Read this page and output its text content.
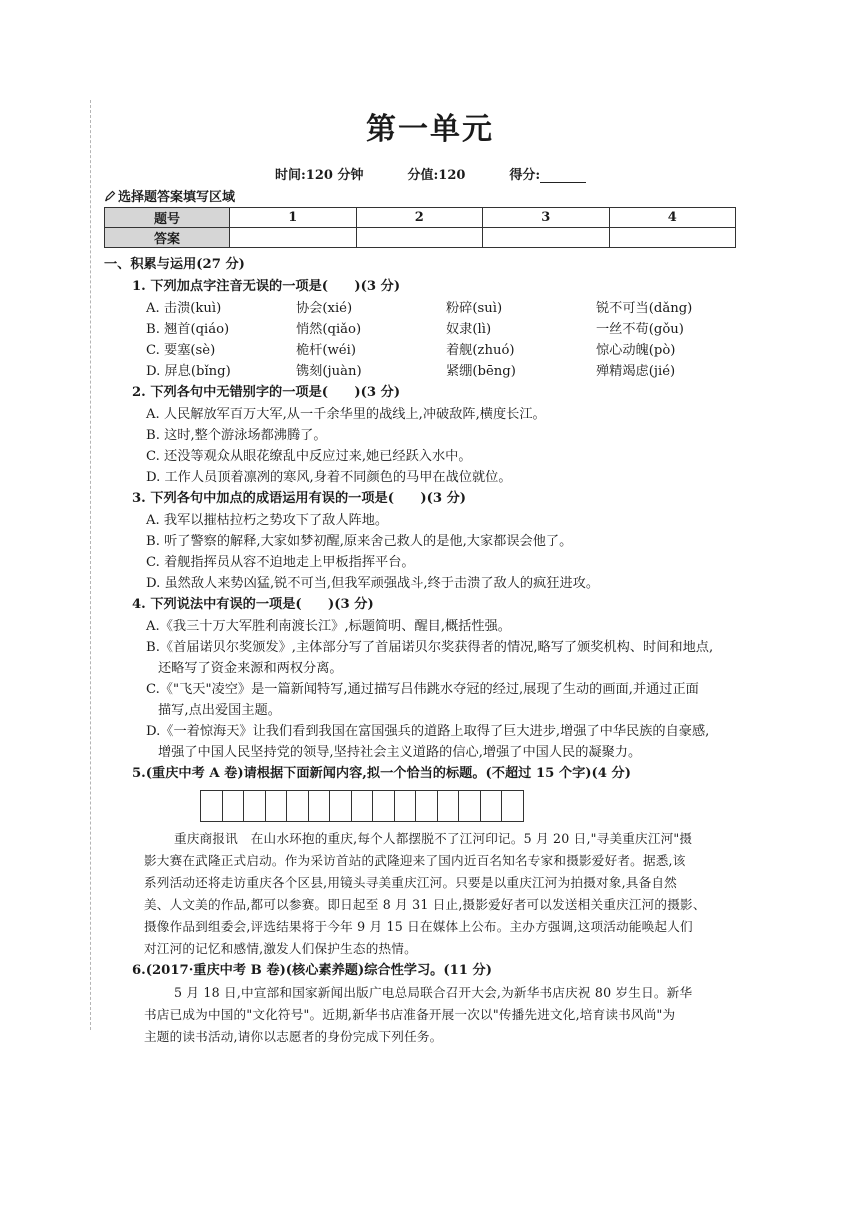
第一单元
时间:120 分钟	分值:120	得分:
选择题答案填写区域
题号	1	2	3	4
答案				
一、积累与运用(27 分)
1. 下列加点字注音无误的一项是(　　)(3 分)
A. 击溃(kuì)	协会(xié)	粉碎(suì)	锐不可当(dǎng)
B. 翘首(qiáo)	悄然(qiǎo)	奴隶(lì)	一丝不苟(gǒu)
C. 要塞(sè)	桅杆(wéi)	着舰(zhuó)	惊心动魄(pò)
D. 屏息(bǐng)	镌刻(juàn)	紧绷(bēng)	殚精竭虑(jié)
2. 下列各句中无错别字的一项是(　　)(3 分)
A. 人民解放军百万大军,从一千余华里的战线上,冲破敌阵,横度长江。
B. 这时,整个游泳场都沸腾了。
C. 还没等观众从眼花缭乱中反应过来,她已经跃入水中。
D. 工作人员顶着凛冽的寒风,身着不同颜色的马甲在战位就位。
3. 下列各句中加点的成语运用有误的一项是(　　)(3 分)
A. 我军以摧枯拉朽之势攻下了敌人阵地。
B. 听了警察的解释,大家如梦初醒,原来舍己救人的是他,大家都误会他了。
C. 着舰指挥员从容不迫地走上甲板指挥平台。
D. 虽然敌人来势凶猛,锐不可当,但我军顽强战斗,终于击溃了敌人的疯狂进攻。
4. 下列说法中有误的一项是(　　)(3 分)
A.《我三十万大军胜利南渡长江》,标题简明、醒目,概括性强。
B.《首届诺贝尔奖颁发》,主体部分写了首届诺贝尔奖获得者的情况,略写了颁奖机构、时间和地点,
还略写了资金来源和两权分离。
C.《"飞天"凌空》是一篇新闻特写,通过描写吕伟跳水夺冠的经过,展现了生动的画面,并通过正面
描写,点出爱国主题。
D.《一着惊海天》让我们看到我国在富国强兵的道路上取得了巨大进步,增强了中华民族的自豪感,
增强了中国人民坚持党的领导,坚持社会主义道路的信心,增强了中国人民的凝聚力。
5.(重庆中考 A 卷)请根据下面新闻内容,拟一个恰当的标题。(不超过 15 个字)(4 分)
重庆商报讯　在山水环抱的重庆,每个人都摆脱不了江河印记。5 月 20 日,"寻美重庆江河"摄
影大赛在武隆正式启动。作为采访首站的武隆迎来了国内近百名知名专家和摄影爱好者。据悉,该
系列活动还将走访重庆各个区县,用镜头寻美重庆江河。只要是以重庆江河为拍摄对象,具备自然
美、人文美的作品,都可以参赛。即日起至 8 月 31 日止,摄影爱好者可以发送相关重庆江河的摄影、
摄像作品到组委会,评选结果将于今年 9 月 15 日在媒体上公布。主办方强调,这项活动能唤起人们
对江河的记忆和感情,激发人们保护生态的热情。
6.(2017·重庆中考 B 卷)(核心素养题)综合性学习。(11 分)
5 月 18 日,中宣部和国家新闻出版广电总局联合召开大会,为新华书店庆祝 80 岁生日。新华
书店已成为中国的"文化符号"。近期,新华书店准备开展一次以"传播先进文化,培育读书风尚"为
主题的读书活动,请你以志愿者的身份完成下列任务。
